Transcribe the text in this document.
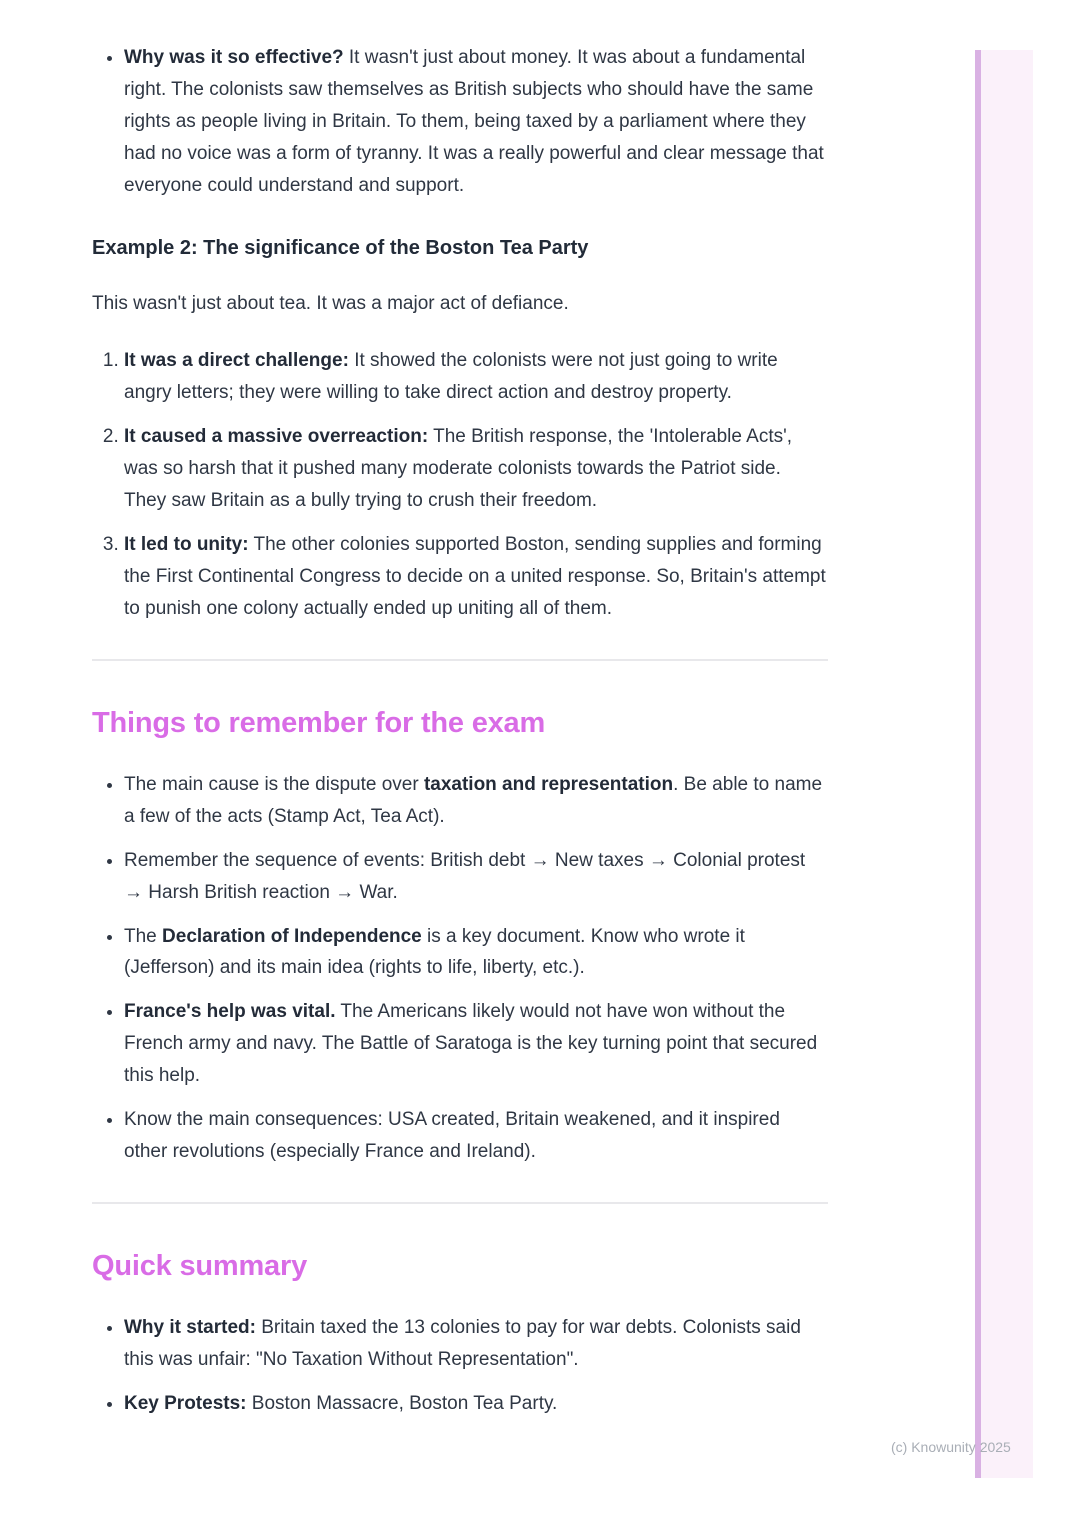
(c) Knowunity 2025
• Why was it so effective? It wasn't just about money. It was about a fundamental right. The colonists saw themselves as British subjects who should have the same rights as people living in Britain. To them, being taxed by a parliament where they had no voice was a form of tyranny. It was a really powerful and clear message that everyone could understand and support.
Example 2: The significance of the Boston Tea Party

This wasn't just about tea. It was a major act of defiance.

1. It was a direct challenge: It showed the colonists were not just going to write angry letters; they were willing to take direct action and destroy property.
2. It caused a massive overreaction: The British response, the 'Intolerable Acts', was so harsh that it pushed many moderate colonists towards the Patriot side. They saw Britain as a bully trying to crush their freedom.
3. It led to unity: The other colonies supported Boston, sending supplies and forming the First Continental Congress to decide on a united response. So, Britain's attempt to punish one colony actually ended up uniting all of them.
Things to remember for the exam
• The main cause is the dispute over taxation and representation. Be able to name a few of the acts (Stamp Act, Tea Act).
• Remember the sequence of events: British debt → New taxes → Colonial protest → Harsh British reaction → War.
• The Declaration of Independence is a key document. Know who wrote it (Jefferson) and its main idea (rights to life, liberty, etc.).
• France's help was vital. The Americans likely would not have won without the French army and navy. The Battle of Saratoga is the key turning point that secured this help.
• Know the main consequences: USA created, Britain weakened, and it inspired other revolutions (especially France and Ireland).
Quick summary
• Why it started: Britain taxed the 13 colonies to pay for war debts. Colonists said this was unfair: "No Taxation Without Representation".
• Key Protests: Boston Massacre, Boston Tea Party.
